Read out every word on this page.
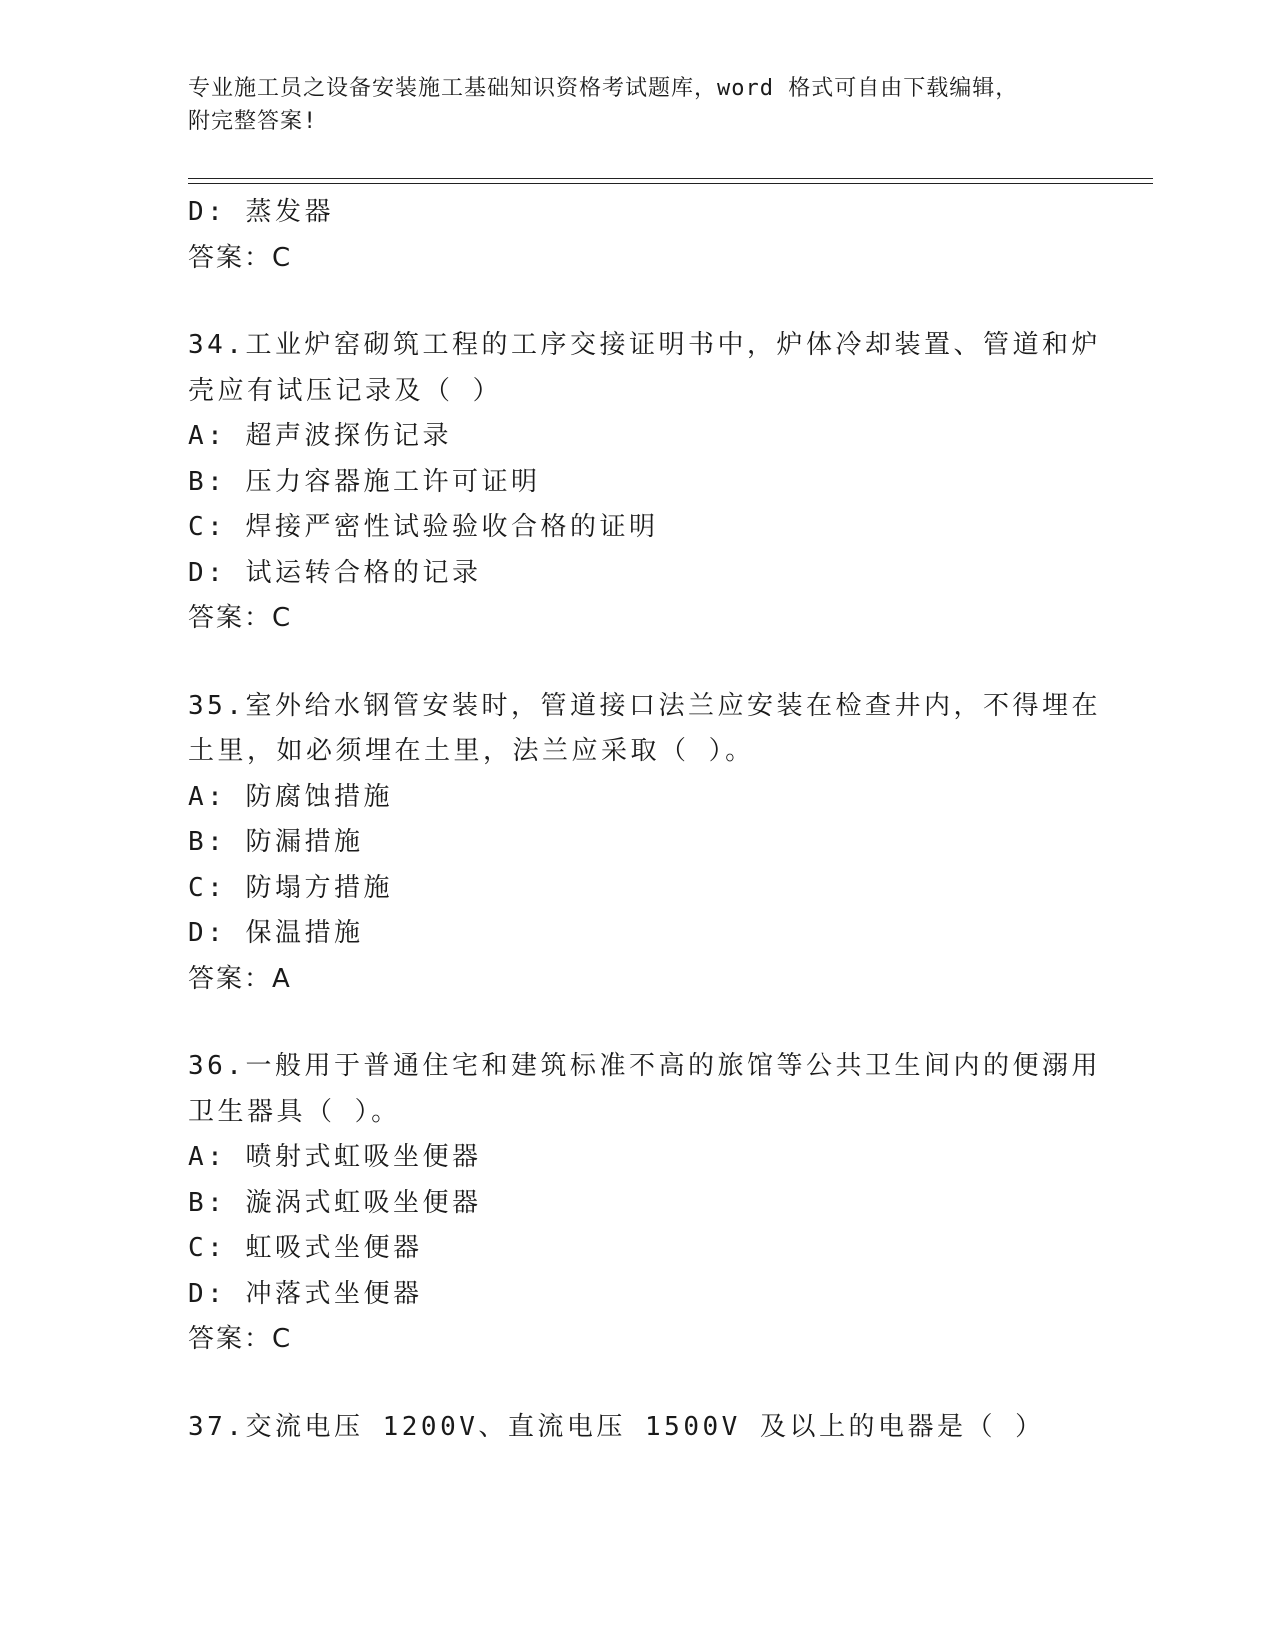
专业施工员之设备安装施工基础知识资格考试题库，word 格式可自由下载编辑，
附完整答案!
D: 蒸发器
答案：C
34.工业炉窑砌筑工程的工序交接证明书中，炉体冷却装置、管道和炉
壳应有试压记录及（ ）
A: 超声波探伤记录
B: 压力容器施工许可证明
C: 焊接严密性试验验收合格的证明
D: 试运转合格的记录
答案：C
35.室外给水钢管安装时，管道接口法兰应安装在检查井内，不得埋在
土里，如必须埋在土里，法兰应采取（ ）。
A: 防腐蚀措施
B: 防漏措施
C: 防塌方措施
D: 保温措施
答案：A
36.一般用于普通住宅和建筑标准不高的旅馆等公共卫生间内的便溺用
卫生器具（ ）。
A: 喷射式虹吸坐便器
B: 漩涡式虹吸坐便器
C: 虹吸式坐便器
D: 冲落式坐便器
答案：C
37.交流电压 1200V、直流电压 1500V 及以上的电器是（ ）
